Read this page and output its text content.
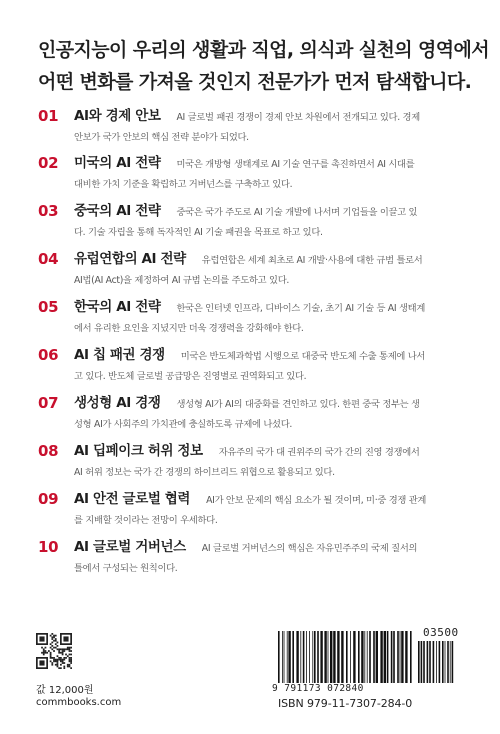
인공지능이 우리의 생활과 직업, 의식과 실천의 영역에서
어떤 변화를 가져올 것인지 전문가가 먼저 탐색합니다.
01	AI와 경제 안보 AI 글로벌 패권 경쟁이 경제 안보 차원에서 전개되고 있다. 경제
안보가 국가 안보의 핵심 전략 분야가 되었다.
02	미국의 AI 전략 미국은 개방형 생태계로 AI 기술 연구를 촉진하면서 AI 시대를
대비한 가치 기준을 확립하고 거버넌스를 구축하고 있다.
03	중국의 AI 전략 중국은 국가 주도로 AI 기술 개발에 나서며 기업들을 이끌고 있
다. 기술 자립을 통해 독자적인 AI 기술 패권을 목표로 하고 있다.
04	유럽연합의 AI 전략 유럽연합은 세계 최초로 AI 개발·사용에 대한 규범 틀로서
AI법(AI Act)을 제정하여 AI 규범 논의를 주도하고 있다.
05	한국의 AI 전략 한국은 인터넷 인프라, 디바이스 기술, 초기 AI 기술 등 AI 생태계
에서 유리한 요인을 지녔지만 더욱 경쟁력을 강화해야 한다.
06	AI 칩 패권 경쟁 미국은 반도체과학법 시행으로 대중국 반도체 수출 통제에 나서
고 있다. 반도체 글로벌 공급망은 진영별로 권역화되고 있다.
07	생성형 AI 경쟁 생성형 AI가 AI의 대중화를 견인하고 있다. 한편 중국 정부는 생
성형 AI가 사회주의 가치관에 충실하도록 규제에 나섰다.
08	AI 딥페이크 허위 정보 자유주의 국가 대 권위주의 국가 간의 진영 경쟁에서
AI 허위 정보는 국가 간 경쟁의 하이브리드 위협으로 활용되고 있다.
09	AI 안전 글로벌 협력 AI가 안보 문제의 핵심 요소가 될 것이며, 미·중 경쟁 관계
를 지배할 것이라는 전망이 우세하다.
10	AI 글로벌 거버넌스 AI 글로벌 거버넌스의 핵심은 자유민주주의 국제 질서의
틀에서 구성되는 원칙이다.
값 12,000원
commbooks.com
03500
9 791173 072840
ISBN 979-11-7307-284-0
